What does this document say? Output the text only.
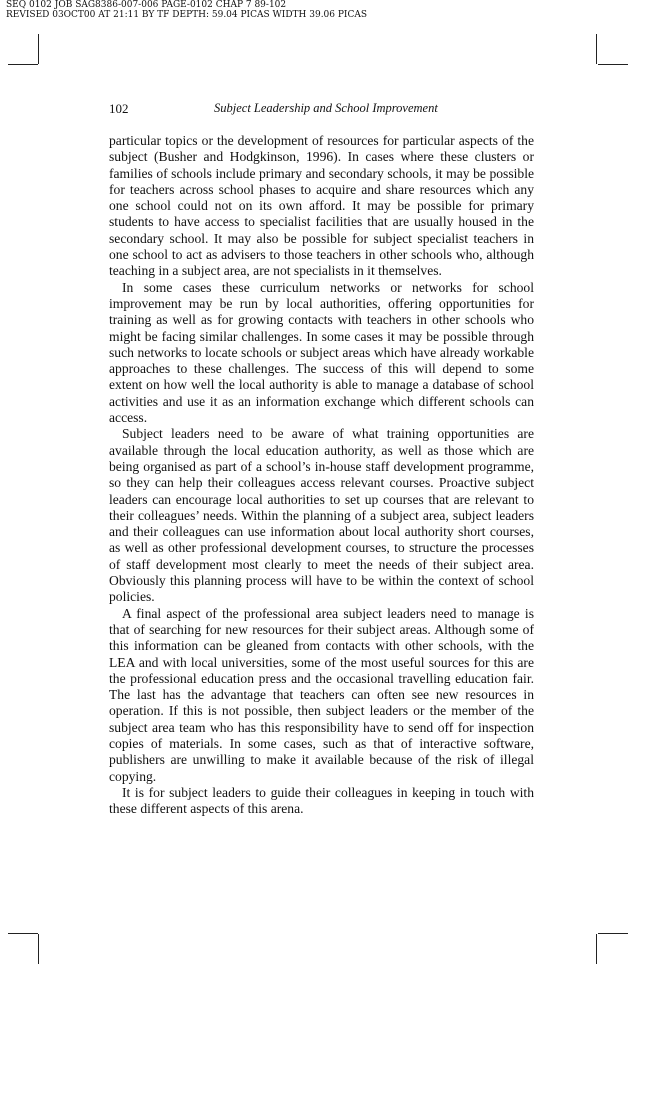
SEQ 0102 JOB SAG8386-007-006 PAGE-0102 CHAP 7 89-102
REVISED 03OCT00 AT 21:11 BY TF DEPTH: 59.04 PICAS WIDTH 39.06 PICAS
102	Subject Leadership and School Improvement

particular topics or the development of resources for particular aspects of the subject (Busher and Hodgkinson, 1996). In cases where these clusters or families of schools include primary and secondary schools, it may be possible for teachers across school phases to acquire and share resources which any one school could not on its own afford. It may be possible for primary students to have access to specialist facilities that are usually housed in the secondary school. It may also be possible for subject specialist teachers in one school to act as advisers to those teachers in other schools who, although teaching in a subject area, are not specialists in it themselves.

In some cases these curriculum networks or networks for school improvement may be run by local authorities, offering opportunities for training as well as for growing contacts with teachers in other schools who might be facing similar challenges. In some cases it may be possible through such networks to locate schools or subject areas which have already workable approaches to these challenges. The success of this will depend to some extent on how well the local authority is able to manage a database of school activities and use it as an information exchange which different schools can access.

Subject leaders need to be aware of what training opportunities are available through the local education authority, as well as those which are being organised as part of a school’s in-house staff development programme, so they can help their colleagues access relevant courses. Proactive subject leaders can encourage local authorities to set up courses that are relevant to their colleagues’ needs. Within the planning of a subject area, subject leaders and their colleagues can use information about local authority short courses, as well as other professional development courses, to structure the processes of staff development most clearly to meet the needs of their subject area. Obviously this planning process will have to be within the context of school policies.

A final aspect of the professional area subject leaders need to manage is that of searching for new resources for their subject areas. Although some of this information can be gleaned from contacts with other schools, with the LEA and with local universities, some of the most useful sources for this are the professional education press and the occasional travelling education fair. The last has the advantage that teachers can often see new resources in operation. If this is not possible, then subject leaders or the member of the subject area team who has this responsibility have to send off for inspection copies of materials. In some cases, such as that of interactive software, publishers are unwilling to make it available because of the risk of illegal copying.

It is for subject leaders to guide their colleagues in keeping in touch with these different aspects of this arena.
